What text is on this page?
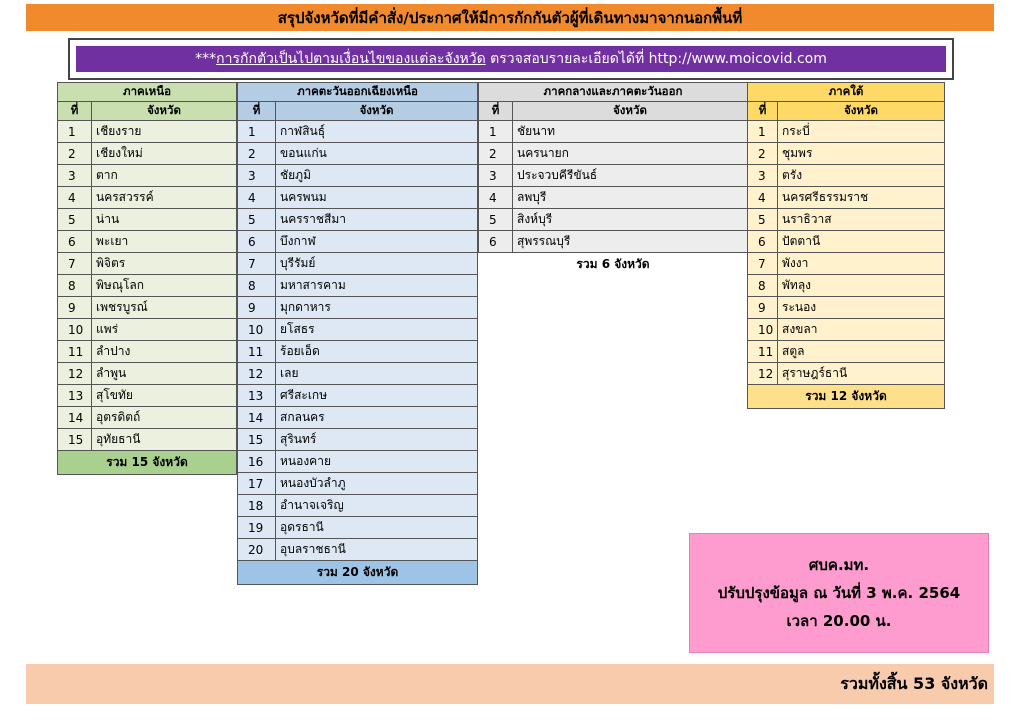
สรุปจังหวัดที่มีคำสั่ง/ประกาศให้มีการกักกันตัวผู้ที่เดินทางมาจากนอกพื้นที่
*** การกักตัวเป็นไปตามเงื่อนไขของแต่ละจังหวัด ตรวจสอบรายละเอียดได้ที่ http://www.moicovid.com
ภาคเหนือ	
ที่	จังหวัด
1	เชียงราย
2	เชียงใหม่
3	ตาก
4	นครสวรรค์
5	น่าน
6	พะเยา
7	พิจิตร
8	พิษณุโลก
9	เพชรบูรณ์
10	แพร่
11	ลำปาง
12	ลำพูน
13	สุโขทัย
14	อุตรดิตถ์
15	อุทัยธานี
รวม 15 จังหวัด	
ภาคตะวันออกเฉียงเหนือ	
ที่	จังหวัด
1	กาฬสินธุ์
2	ขอนแก่น
3	ชัยภูมิ
4	นครพนม
5	นครราชสีมา
6	บึงกาฬ
7	บุรีรัมย์
8	มหาสารคาม
9	มุกดาหาร
10	ยโสธร
11	ร้อยเอ็ด
12	เลย
13	ศรีสะเกษ
14	สกลนคร
15	สุรินทร์
16	หนองคาย
17	หนองบัวลำภู
18	อำนาจเจริญ
19	อุดรธานี
20	อุบลราชธานี
รวม 20 จังหวัด	
ภาคกลางและภาคตะวันออก	
ที่	จังหวัด
1	ชัยนาท
2	นครนายก
3	ประจวบคีรีขันธ์
4	ลพบุรี
5	สิงห์บุรี
6	สุพรรณบุรี
รวม 6 จังหวัด	
ภาคใต้	
ที่	จังหวัด
1	กระบี่
2	ชุมพร
3	ตรัง
4	นครศรีธรรมราช
5	นราธิวาส
6	ปัตตานี
7	พังงา
8	พัทลุง
9	ระนอง
10	สงขลา
11	สตูล
12	สุราษฎร์ธานี
รวม 12 จังหวัด	
ศบค.มท.
ปรับปรุงข้อมูล ณ วันที่ 3 พ.ค. 2564
เวลา 20.00 น.
รวมทั้งสิ้น 53 จังหวัด
